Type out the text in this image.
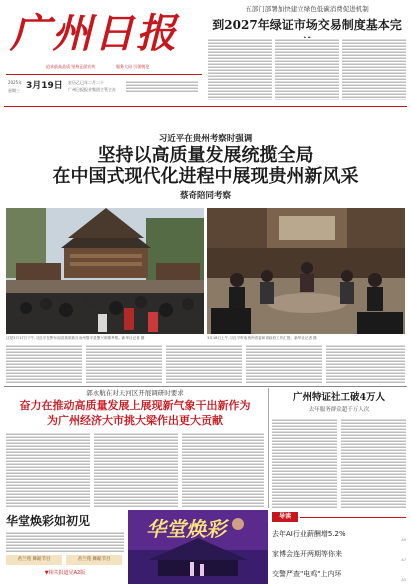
广州日报
追求最高品质 坚持正面宣传	服务大局 引领舆论
2025年 3月19日
星期三
农历乙巳年二月二十
广州日报报业集团主管主办
五部门部署加快建立绿色低碳消费促进机制
到2027年绿证市场交易制度基本完
习近平在贵州考察时强调
坚持以高质量发展统揽全局
在中国式现代化进程中展现贵州新风采
蔡奇陪同考察
这是3月17日下午,习近平在黔东南苗族侗族自治州黎平县肇兴侗寨考察。新华社记者 摄	3月18日上午,习近平听取贵州省委和省政府工作汇报。新华社记者 摄
郭永航在对天河区开展调研时要求
奋力在推动高质量发展上展现新气象干出新作为
为广州经济大市挑大梁作出更大贡献
广州特证社工破4万人
去年服务群众超千万人次
华堂焕彩如初见
君兰苑 舞蹈节目	君兰苑 舞蹈节目
▼相关报道见A2版
华堂焕彩
导读
去年AI行业薪酬增5.2%
A9
家博会连开两期等你来
A7
交警严查"电鸡"上内环
A3
